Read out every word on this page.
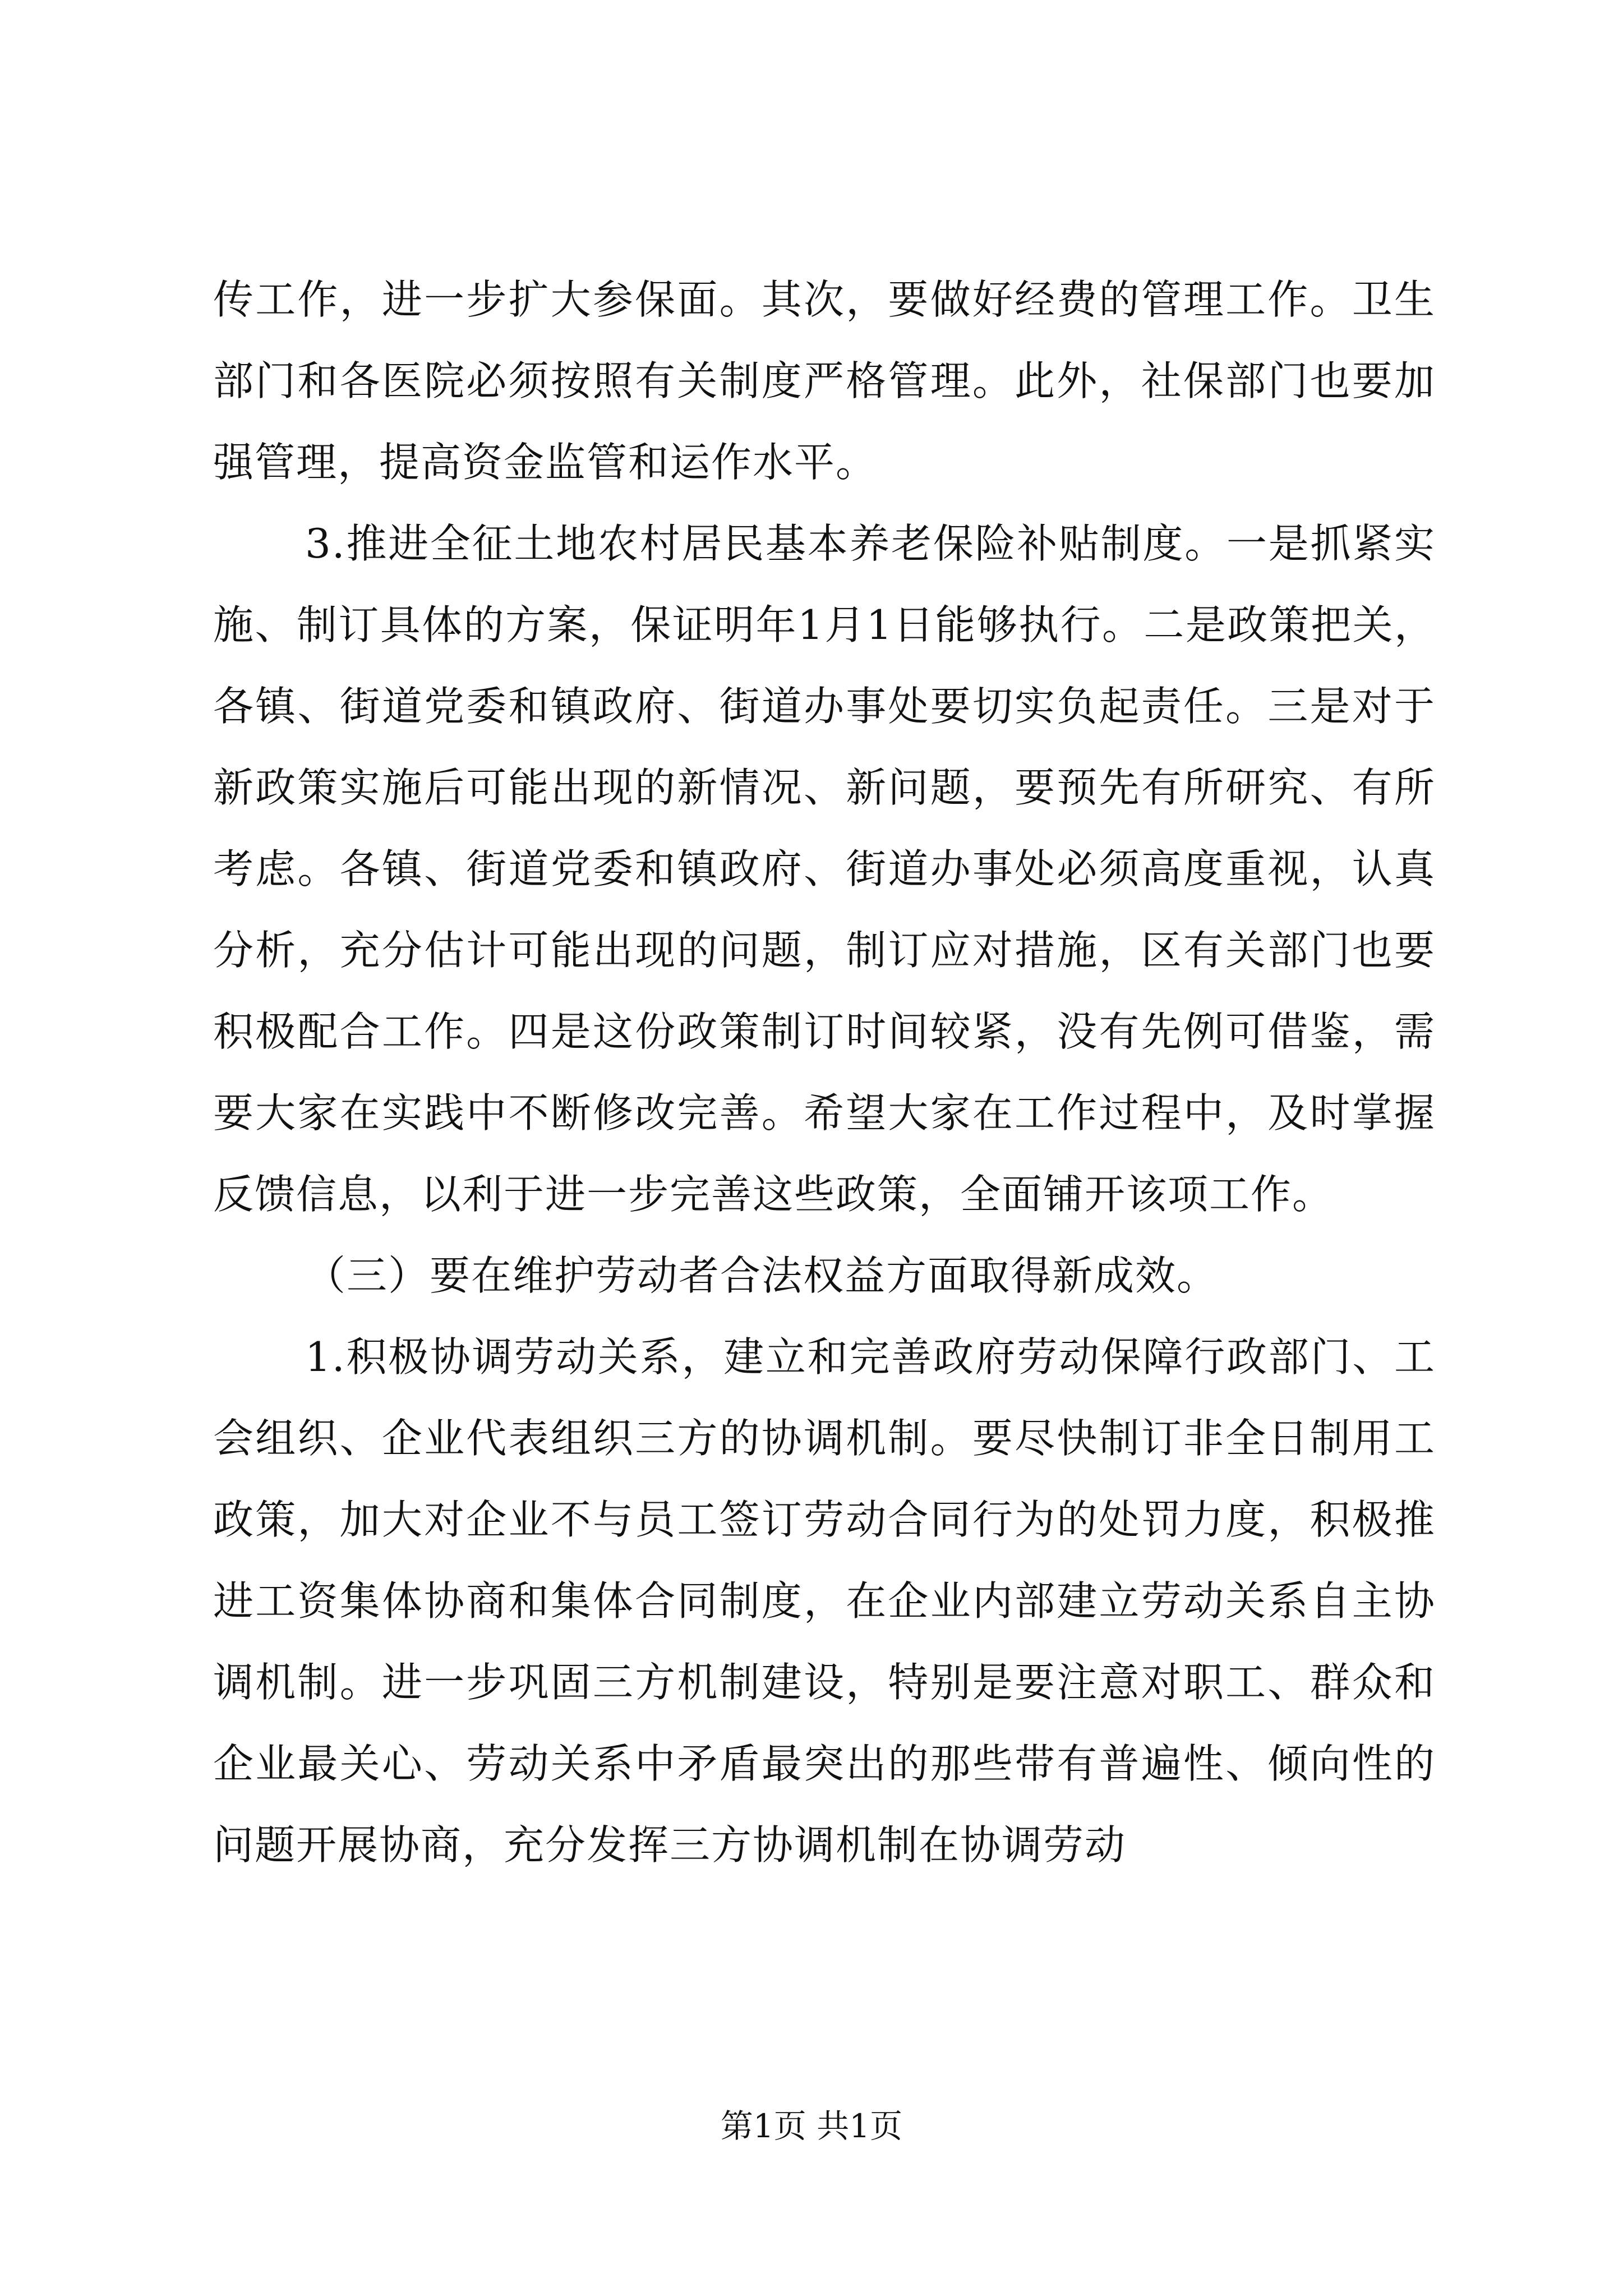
传工作，进一步扩大参保面。其次，要做好经费的管理工作。卫生部门和各医院必须按照有关制度严格管理。此外，社保部门也要加强管理，提高资金监管和运作水平。

3.推进全征土地农村居民基本养老保险补贴制度。一是抓紧实施、制订具体的方案，保证明年1月1日能够执行。二是政策把关，各镇、街道党委和镇政府、街道办事处要切实负起责任。三是对于新政策实施后可能出现的新情况、新问题，要预先有所研究、有所考虑。各镇、街道党委和镇政府、街道办事处必须高度重视，认真分析，充分估计可能出现的问题，制订应对措施，区有关部门也要积极配合工作。四是这份政策制订时间较紧，没有先例可借鉴，需要大家在实践中不断修改完善。希望大家在工作过程中，及时掌握反馈信息，以利于进一步完善这些政策，全面铺开该项工作。

（三）要在维护劳动者合法权益方面取得新成效。

1.积极协调劳动关系，建立和完善政府劳动保障行政部门、工会组织、企业代表组织三方的协调机制。要尽快制订非全日制用工政策，加大对企业不与员工签订劳动合同行为的处罚力度，积极推进工资集体协商和集体合同制度，在企业内部建立劳动关系自主协调机制。进一步巩固三方机制建设，特别是要注意对职工、群众和企业最关心、劳动关系中矛盾最突出的那些带有普遍性、倾向性的问题开展协商，充分发挥三方协调机制在协调劳动

第1页 共1页
